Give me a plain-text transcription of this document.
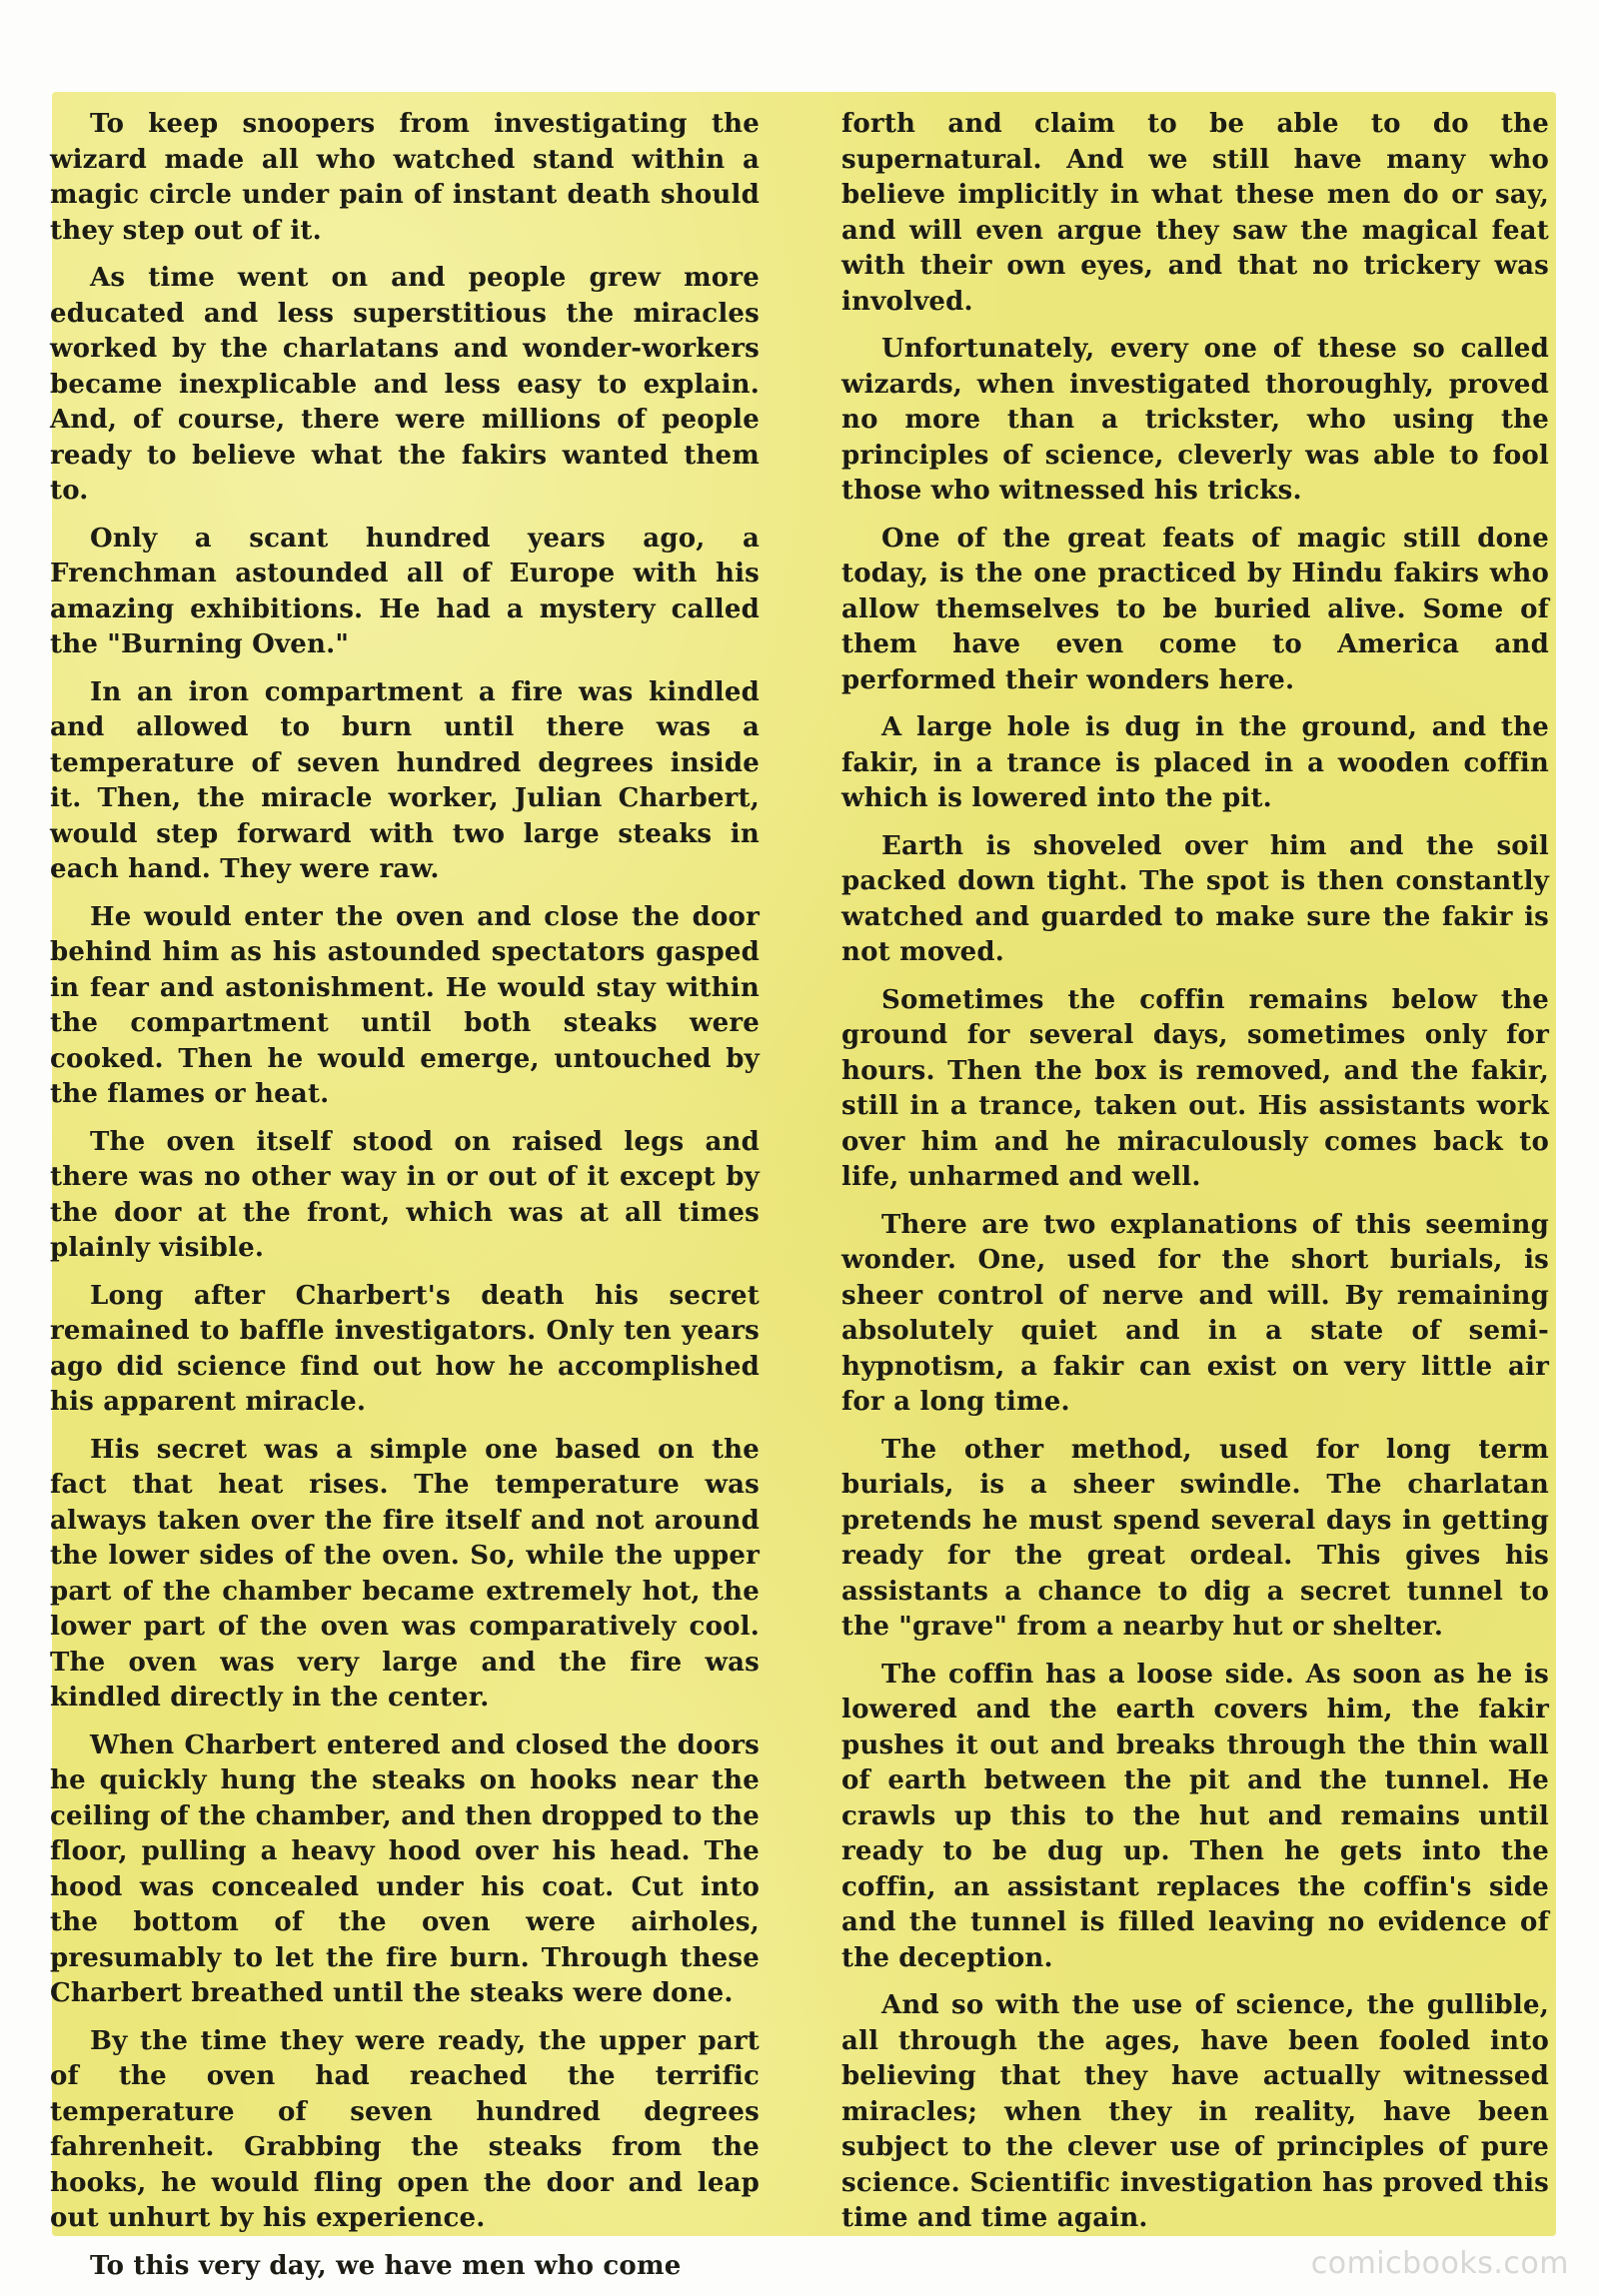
To keep snoopers from investigating the wizard made all who watched stand within a magic circle under pain of instant death should they step out of it.

As time went on and people grew more educated and less superstitious the miracles worked by the charlatans and wonder-workers became inexplicable and less easy to explain. And, of course, there were millions of people ready to believe what the fakirs wanted them to.

Only a scant hundred years ago, a Frenchman astounded all of Europe with his amazing exhibitions. He had a mystery called the "Burning Oven."

In an iron compartment a fire was kindled and allowed to burn until there was a temperature of seven hundred degrees inside it. Then, the miracle worker, Julian Charbert, would step forward with two large steaks in each hand. They were raw.

He would enter the oven and close the door behind him as his astounded spectators gasped in fear and astonishment. He would stay within the compartment until both steaks were cooked. Then he would emerge, untouched by the flames or heat.

The oven itself stood on raised legs and there was no other way in or out of it except by the door at the front, which was at all times plainly visible.

Long after Charbert's death his secret remained to baffle investigators. Only ten years ago did science find out how he accomplished his apparent miracle.

His secret was a simple one based on the fact that heat rises. The temperature was always taken over the fire itself and not around the lower sides of the oven. So, while the upper part of the chamber became extremely hot, the lower part of the oven was comparatively cool. The oven was very large and the fire was kindled directly in the center.

When Charbert entered and closed the doors he quickly hung the steaks on hooks near the ceiling of the chamber, and then dropped to the floor, pulling a heavy hood over his head. The hood was concealed under his coat. Cut into the bottom of the oven were airholes, presumably to let the fire burn. Through these Charbert breathed until the steaks were done.

By the time they were ready, the upper part of the oven had reached the terrific temperature of seven hundred degrees fahrenheit. Grabbing the steaks from the hooks, he would fling open the door and leap out unhurt by his experience.

To this very day, we have men who come

forth and claim to be able to do the supernatural. And we still have many who believe implicitly in what these men do or say, and will even argue they saw the magical feat with their own eyes, and that no trickery was involved.

Unfortunately, every one of these so called wizards, when investigated thoroughly, proved no more than a trickster, who using the principles of science, cleverly was able to fool those who witnessed his tricks.

One of the great feats of magic still done today, is the one practiced by Hindu fakirs who allow themselves to be buried alive. Some of them have even come to America and performed their wonders here.

A large hole is dug in the ground, and the fakir, in a trance is placed in a wooden coffin which is lowered into the pit.

Earth is shoveled over him and the soil packed down tight. The spot is then constantly watched and guarded to make sure the fakir is not moved.

Sometimes the coffin remains below the ground for several days, sometimes only for hours. Then the box is removed, and the fakir, still in a trance, taken out. His assistants work over him and he miraculously comes back to life, unharmed and well.

There are two explanations of this seeming wonder. One, used for the short burials, is sheer control of nerve and will. By remaining absolutely quiet and in a state of semi-hypnotism, a fakir can exist on very little air for a long time.

The other method, used for long term burials, is a sheer swindle. The charlatan pretends he must spend several days in getting ready for the great ordeal. This gives his assistants a chance to dig a secret tunnel to the "grave" from a nearby hut or shelter.

The coffin has a loose side. As soon as he is lowered and the earth covers him, the fakir pushes it out and breaks through the thin wall of earth between the pit and the tunnel. He crawls up this to the hut and remains until ready to be dug up. Then he gets into the coffin, an assistant replaces the coffin's side and the tunnel is filled leaving no evidence of the deception.

And so with the use of science, the gullible, all through the ages, have been fooled into believing that they have actually witnessed miracles; when they in reality, have been subject to the clever use of principles of pure science. Scientific investigation has proved this time and time again.

comicbooks.com
